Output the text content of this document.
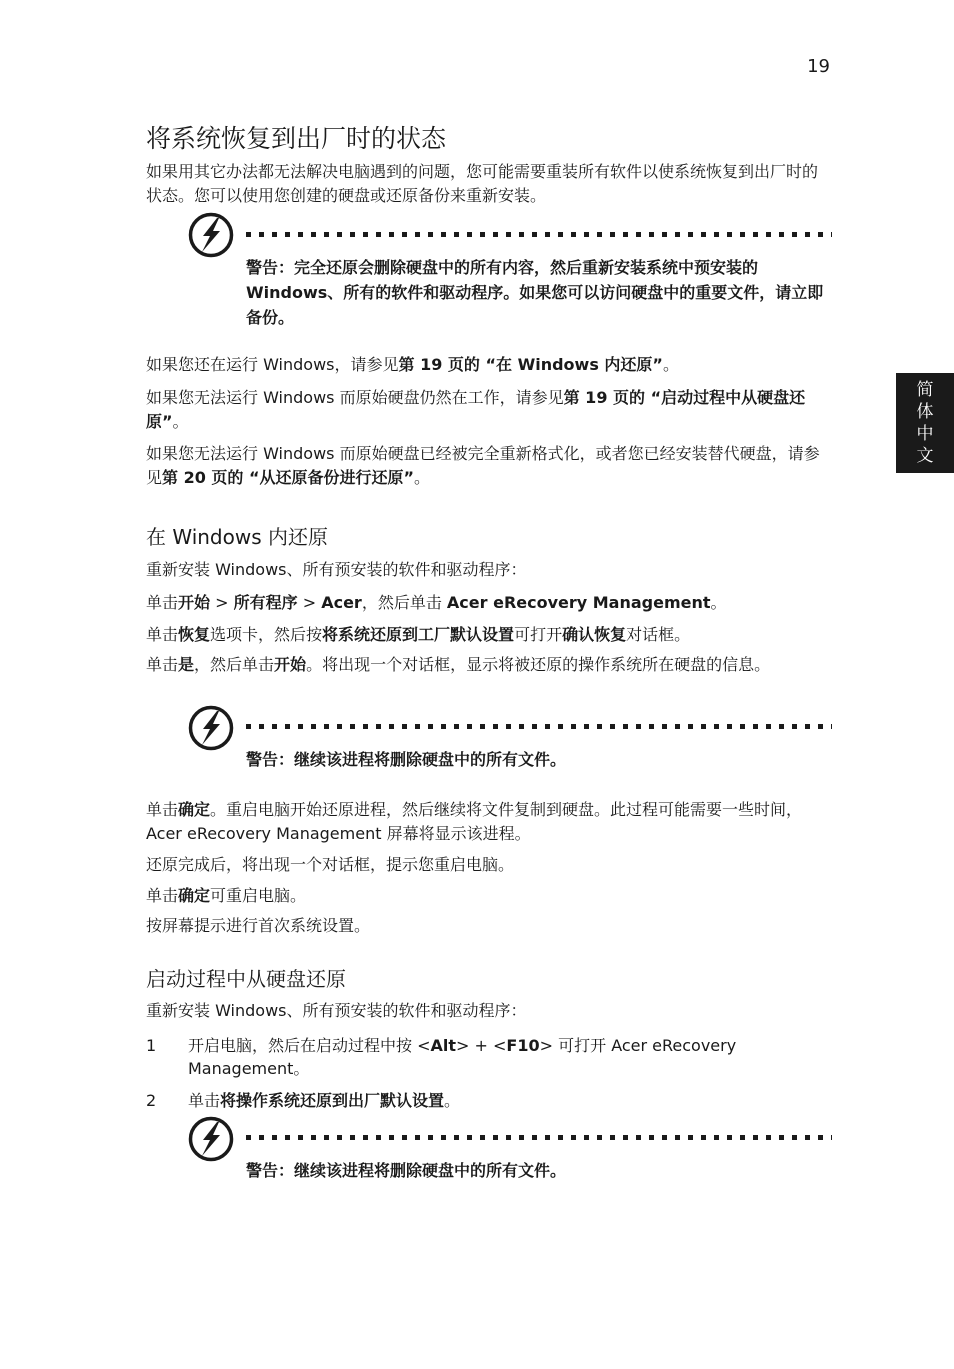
19
简
体
中
文
将系统恢复到出厂时的状态

如果用其它办法都无法解决电脑遇到的问题，您可能需要重装所有软件以使系统恢复到出厂时的状态。您可以使用您创建的硬盘或还原备份来重新安装。

警告：完全还原会删除硬盘中的所有内容，然后重新安装系统中预安装的 Windows、所有的软件和驱动程序。如果您可以访问硬盘中的重要文件，请立即备份。

如果您还在运行 Windows，请参见第 19 页的 “在 Windows 内还原”。

如果您无法运行 Windows 而原始硬盘仍然在工作，请参见第 19 页的 “启动过程中从硬盘还原”。

如果您无法运行 Windows 而原始硬盘已经被完全重新格式化，或者您已经安装替代硬盘，请参见第 20 页的 “从还原备份进行还原”。

在 Windows 内还原

重新安装 Windows、所有预安装的软件和驱动程序：

单击开始 > 所有程序 > Acer，然后单击 Acer eRecovery Management。

单击恢复选项卡，然后按将系统还原到工厂默认设置可打开确认恢复对话框。

单击是，然后单击开始。将出现一个对话框，显示将被还原的操作系统所在硬盘的信息。

警告：继续该进程将删除硬盘中的所有文件。

单击确定。重启电脑开始还原进程，然后继续将文件复制到硬盘。此过程可能需要一些时间， Acer eRecovery Management 屏幕将显示该进程。

还原完成后，将出现一个对话框，提示您重启电脑。

单击确定可重启电脑。

按屏幕提示进行首次系统设置。

启动过程中从硬盘还原

重新安装 Windows、所有预安装的软件和驱动程序：

1 开启电脑，然后在启动过程中按 <Alt> + <F10> 可打开 Acer eRecovery Management。

2 单击将操作系统还原到出厂默认设置。

警告：继续该进程将删除硬盘中的所有文件。
